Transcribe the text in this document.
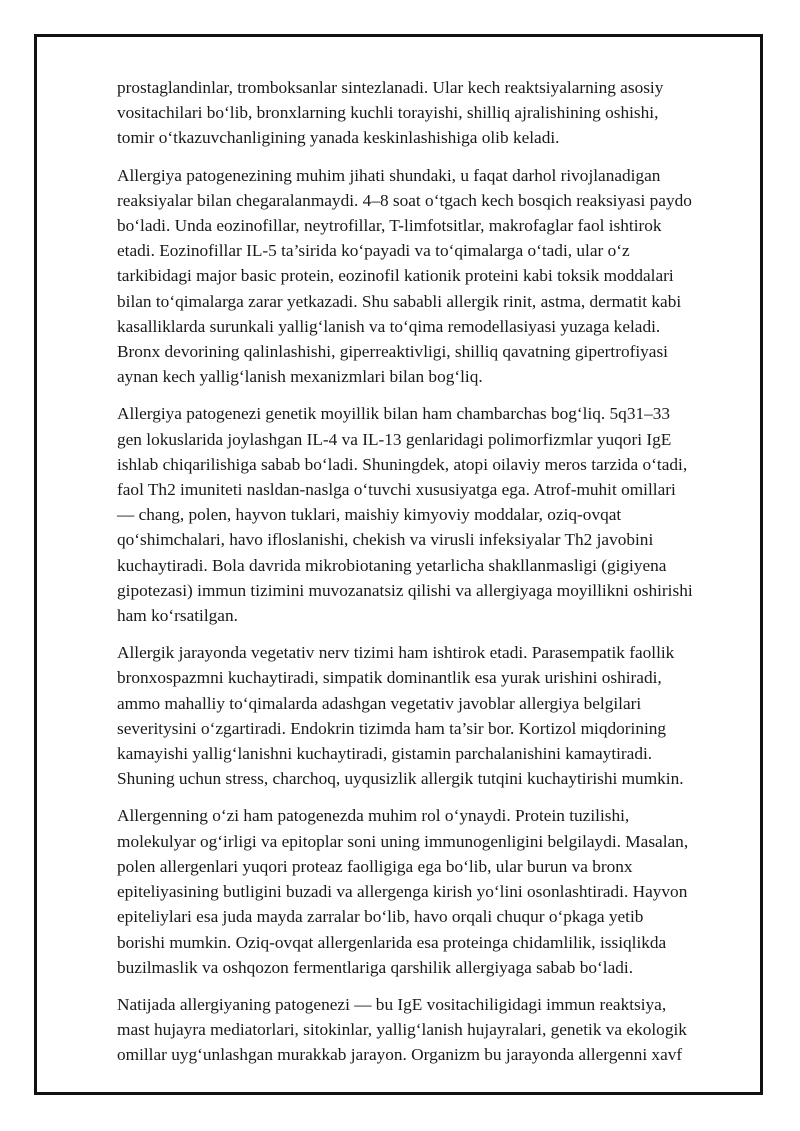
prostaglandinlar, tromboksanlar sintezlanadi. Ular kech reaktsiyalarning asosiy
vositachilari bo‘lib, bronxlarning kuchli torayishi, shilliq ajralishining oshishi,
tomir o‘tkazuvchanligining yanada keskinlashishiga olib keladi.

Allergiya patogenezining muhim jihati shundaki, u faqat darhol rivojlanadigan
reaksiyalar bilan chegaralanmaydi. 4–8 soat o‘tgach kech bosqich reaksiyasi paydo
bo‘ladi. Unda eozinofillar, neytrofillar, T-limfotsitlar, makrofaglar faol ishtirok
etadi. Eozinofillar IL-5 ta’sirida ko‘payadi va to‘qimalarga o‘tadi, ular o‘z
tarkibidagi major basic protein, eozinofil kationik proteini kabi toksik moddalari
bilan to‘qimalarga zarar yetkazadi. Shu sababli allergik rinit, astma, dermatit kabi
kasalliklarda surunkali yallig‘lanish va to‘qima remodellasiyasi yuzaga keladi.
Bronx devorining qalinlashishi, giperreaktivligi, shilliq qavatning gipertrofiyasi
aynan kech yallig‘lanish mexanizmlari bilan bog‘liq.

Allergiya patogenezi genetik moyillik bilan ham chambarchas bog‘liq. 5q31–33
gen lokuslarida joylashgan IL-4 va IL-13 genlaridagi polimorfizmlar yuqori IgE
ishlab chiqarilishiga sabab bo‘ladi. Shuningdek, atopi oilaviy meros tarzida o‘tadi,
faol Th2 imuniteti nasldan-naslga o‘tuvchi xususiyatga ega. Atrof-muhit omillari
— chang, polen, hayvon tuklari, maishiy kimyoviy moddalar, oziq-ovqat
qo‘shimchalari, havo ifloslanishi, chekish va virusli infeksiyalar Th2 javobini
kuchaytiradi. Bola davrida mikrobiotaning yetarlicha shakllanmasligi (gigiyena
gipotezasi) immun tizimini muvozanatsiz qilishi va allergiyaga moyillikni oshirishi
ham ko‘rsatilgan.

Allergik jarayonda vegetativ nerv tizimi ham ishtirok etadi. Parasempatik faollik
bronxospazmni kuchaytiradi, simpatik dominantlik esa yurak urishini oshiradi,
ammo mahalliy to‘qimalarda adashgan vegetativ javoblar allergiya belgilari
severitysini o‘zgartiradi. Endokrin tizimda ham ta’sir bor. Kortizol miqdorining
kamayishi yallig‘lanishni kuchaytiradi, gistamin parchalanishini kamaytiradi.
Shuning uchun stress, charchoq, uyqusizlik allergik tutqini kuchaytirishi mumkin.

Allergenning o‘zi ham patogenezda muhim rol o‘ynaydi. Protein tuzilishi,
molekulyar og‘irligi va epitoplar soni uning immunogenligini belgilaydi. Masalan,
polen allergenlari yuqori proteaz faolligiga ega bo‘lib, ular burun va bronx
epiteliyasining butligini buzadi va allergenga kirish yo‘lini osonlashtiradi. Hayvon
epiteliylari esa juda mayda zarralar bo‘lib, havo orqali chuqur o‘pkaga yetib
borishi mumkin. Oziq-ovqat allergenlarida esa proteinga chidamlilik, issiqlikda
buzilmaslik va oshqozon fermentlariga qarshilik allergiyaga sabab bo‘ladi.

Natijada allergiyaning patogenezi — bu IgE vositachiligidagi immun reaktsiya,
mast hujayra mediatorlari, sitokinlar, yallig‘lanish hujayralari, genetik va ekologik
omillar uyg‘unlashgan murakkab jarayon. Organizm bu jarayonda allergenni xavf
